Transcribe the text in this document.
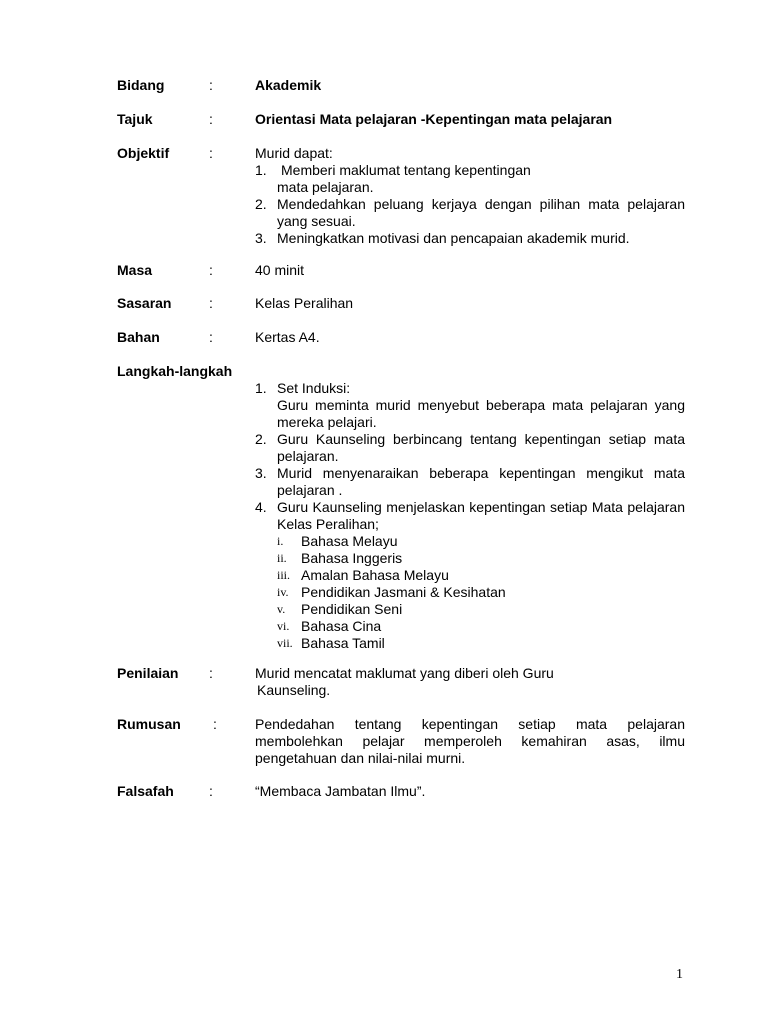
Bidang	:	Akademik
Tajuk	:	Orientasi Mata pelajaran -Kepentingan mata pelajaran
Objektif	:	Murid dapat:
1. Memberi maklumat tentang kepentingan
mata pelajaran.
2. Mendedahkan peluang kerjaya dengan pilihan mata pelajaran yang sesuai.
3. Meningkatkan motivasi dan pencapaian akademik murid.
Masa	:	40 minit
Sasaran	:	Kelas Peralihan
Bahan	:	Kertas A4.
Langkah-langkah
1. Set Induksi:
Guru meminta murid menyebut beberapa mata pelajaran yang mereka pelajari.
2. Guru Kaunseling berbincang tentang kepentingan setiap mata pelajaran.
3. Murid menyenaraikan beberapa kepentingan mengikut mata pelajaran .
4. Guru Kaunseling menjelaskan kepentingan setiap Mata pelajaran Kelas Peralihan;
i. Bahasa Melayu
ii. Bahasa Inggeris
iii. Amalan Bahasa Melayu
iv. Pendidikan Jasmani & Kesihatan
v. Pendidikan Seni
vi. Bahasa Cina
vii. Bahasa Tamil
Penilaian :	Murid mencatat maklumat yang diberi oleh Guru
Kaunseling.
Rumusan :	Pendedahan tentang kepentingan setiap mata pelajaran membolehkan pelajar memperoleh kemahiran asas, ilmu pengetahuan dan nilai-nilai murni.
Falsafah	:	“Membaca Jambatan Ilmu”.
1
